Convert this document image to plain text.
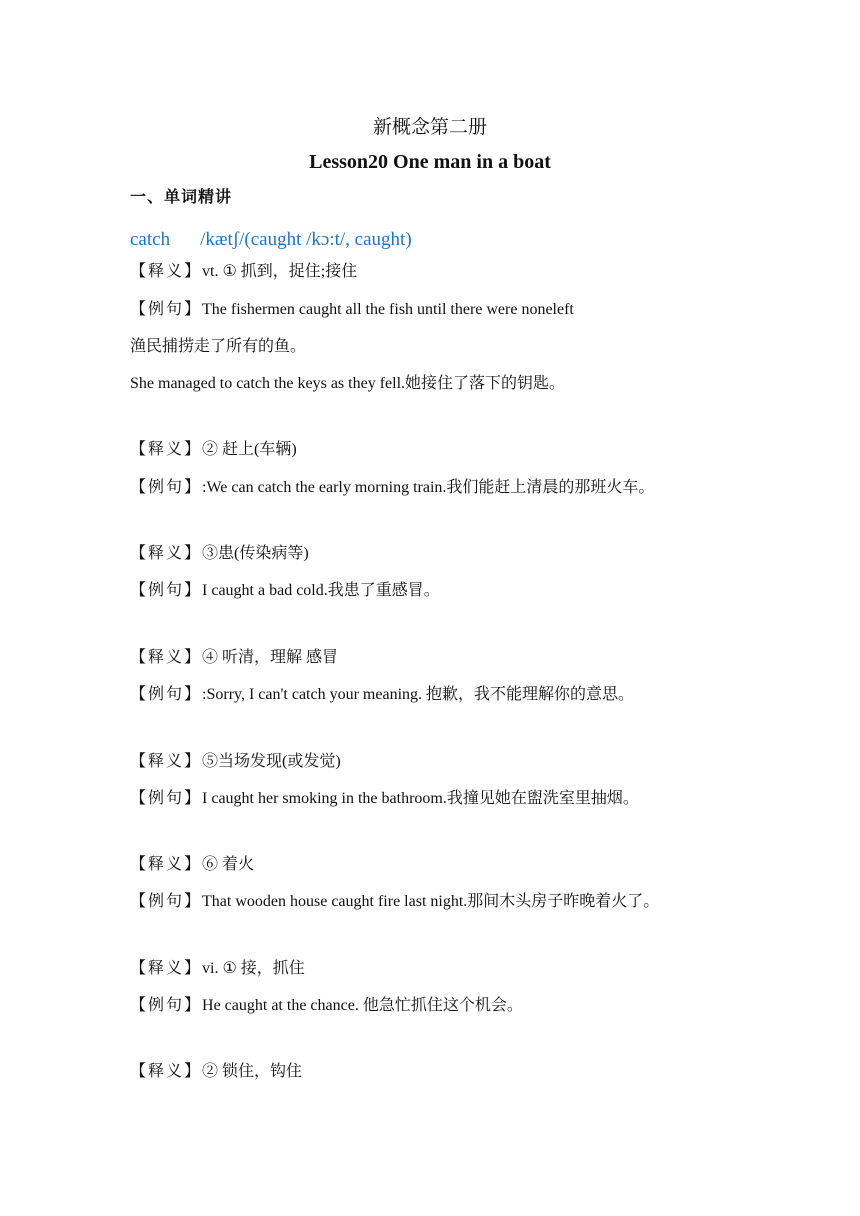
新概念第二册
Lesson20 One man in a boat
一、单词精讲
catch /kætʃ/(caught /kɔ:t/, caught)
【释义】vt. ① 抓到，捉住;接住
【例句】The fishermen caught all the fish until there were noneleft
渔民捕捞走了所有的鱼。
She managed to catch the keys as they fell.她接住了落下的钥匙。
【释义】② 赶上(车辆)
【例句】:We can catch the early morning train.我们能赶上清晨的那班火车。
【释义】③患(传染病等)
【例句】I caught a bad cold.我患了重感冒。
【释义】④ 听清，理解 感冒
【例句】:Sorry, I can't catch your meaning. 抱歉，我不能理解你的意思。
【释义】⑤当场发现(或发觉)
【例句】I caught her smoking in the bathroom.我撞见她在盥洗室里抽烟。
【释义】⑥ 着火
【例句】That wooden house caught fire last night.那间木头房子昨晚着火了。
【释义】vi. ① 接，抓住
【例句】He caught at the chance. 他急忙抓住这个机会。
【释义】② 锁住，钩住
